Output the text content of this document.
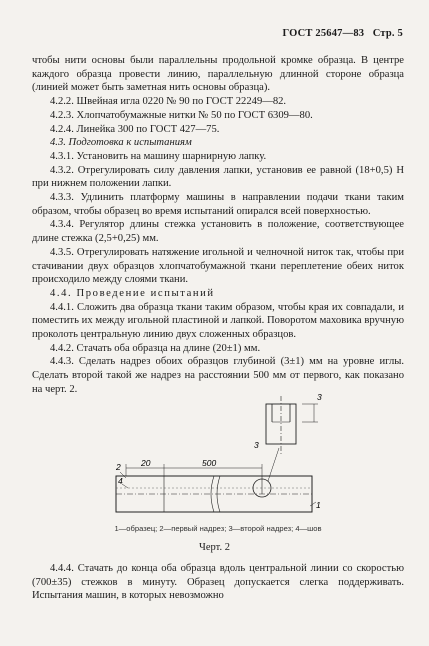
ГОСТ 25647—83 Стр. 5

чтобы нити основы были параллельны продольной кромке образца. В центре каждого образца провести линию, параллельную длинной стороне образца (линией может быть заметная нить основы образца).

4.2.2. Швейная игла 0220 № 90 по ГОСТ 22249—82.

4.2.3. Хлопчатобумажные нитки № 50 по ГОСТ 6309—80.

4.2.4. Линейка 300 по ГОСТ 427—75.

4.3. Подготовка к испытаниям

4.3.1. Установить на машину шарнирную лапку.

4.3.2. Отрегулировать силу давления лапки, установив ее равной (18+0,5) Н при нижнем положении лапки.

4.3.3. Удлинить платформу машины в направлении подачи ткани таким образом, чтобы образец во время испытаний опирался всей поверхностью.

4.3.4. Регулятор длины стежка установить в положение, соответствующее длине стежка (2,5+0,25) мм.

4.3.5. Отрегулировать натяжение игольной и челночной ниток так, чтобы при стачивании двух образцов хлопчатобумажной ткани переплетение обеих ниток происходило между слоями ткани.

4.4. Проведение испытаний

4.4.1. Сложить два образца ткани таким образом, чтобы края их совпадали, и поместить их между игольной пластиной и лапкой. Поворотом маховика вручную проколоть центральную линию двух сложенных образцов.

4.4.2. Стачать оба образца на длине (20±1) мм.

4.4.3. Сделать надрез обоих образцов глубиной (3±1) мм на уровне иглы. Сделать второй такой же надрез на расстоянии 500 мм от первого, как показано на черт. 2.

3
20	500
3
2
4
1
1—образец; 2—первый надрез; 3—второй надрез; 4—шов
Черт. 2

4.4.4. Стачать до конца оба образца вдоль центральной линии со скоростью (700±35) стежков в минуту. Образец допускается слегка поддерживать. Испытания машин, в которых невозможно
